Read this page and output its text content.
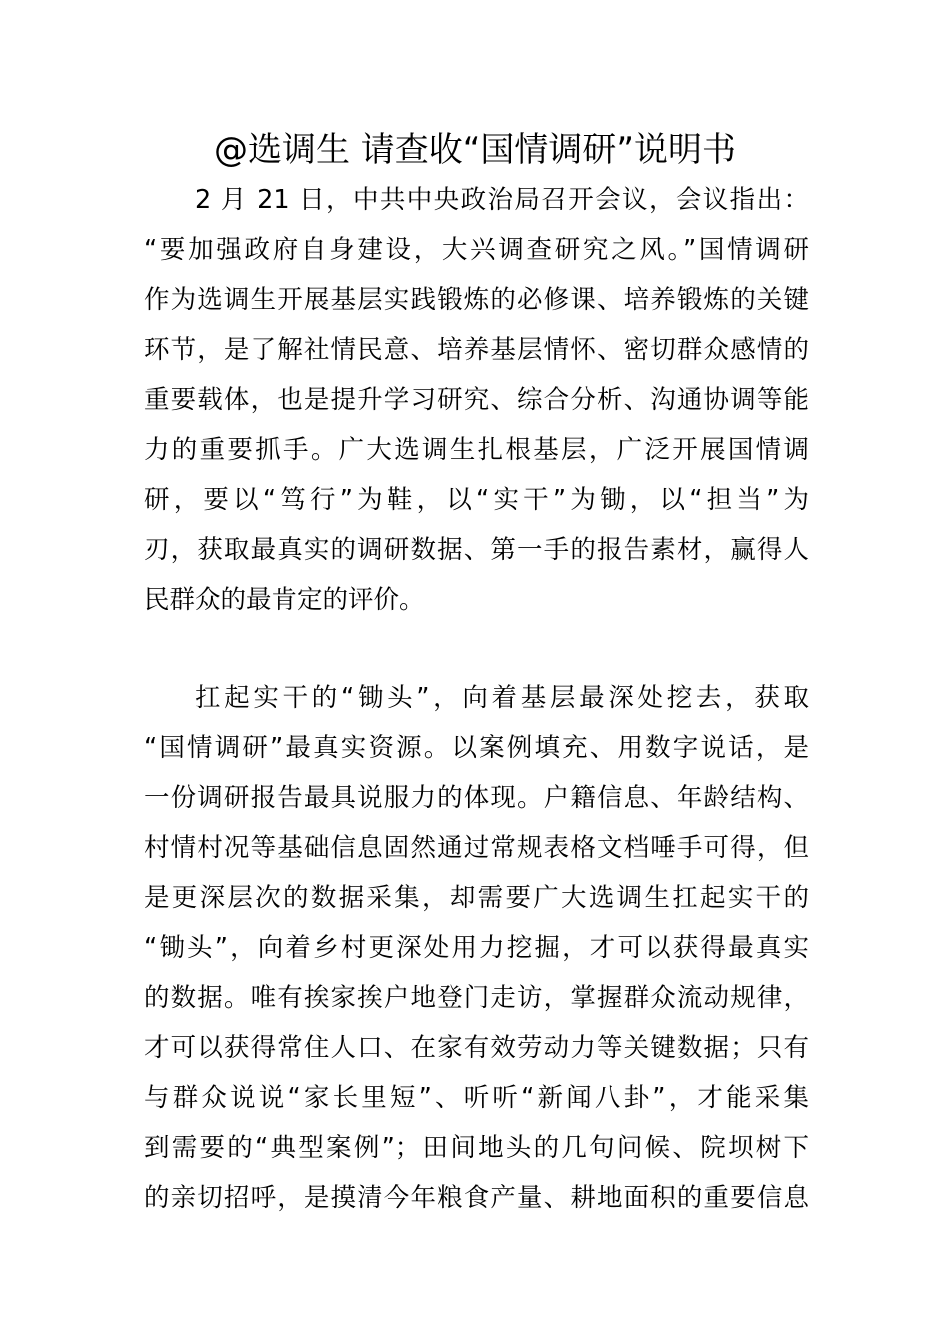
@选调生 请查收“国情调研”说明书
2 月 21 日，中共中央政治局召开会议，会议指出：
“要加强政府自身建设，大兴调查研究之风。”国情调研
作为选调生开展基层实践锻炼的必修课、培养锻炼的关键
环节，是了解社情民意、培养基层情怀、密切群众感情的
重要载体，也是提升学习研究、综合分析、沟通协调等能
力的重要抓手。广大选调生扎根基层，广泛开展国情调
研，要以“笃行”为鞋，以“实干”为锄，以“担当”为
刃，获取最真实的调研数据、第一手的报告素材，赢得人
民群众的最肯定的评价。
扛起实干的“锄头”，向着基层最深处挖去，获取
“国情调研”最真实资源。以案例填充、用数字说话，是
一份调研报告最具说服力的体现。户籍信息、年龄结构、
村情村况等基础信息固然通过常规表格文档唾手可得，但
是更深层次的数据采集，却需要广大选调生扛起实干的
“锄头”，向着乡村更深处用力挖掘，才可以获得最真实
的数据。唯有挨家挨户地登门走访，掌握群众流动规律，
才可以获得常住人口、在家有效劳动力等关键数据；只有
与群众说说“家长里短”、听听“新闻八卦”，才能采集
到需要的“典型案例”；田间地头的几句问候、院坝树下
的亲切招呼，是摸清今年粮食产量、耕地面积的重要信息
